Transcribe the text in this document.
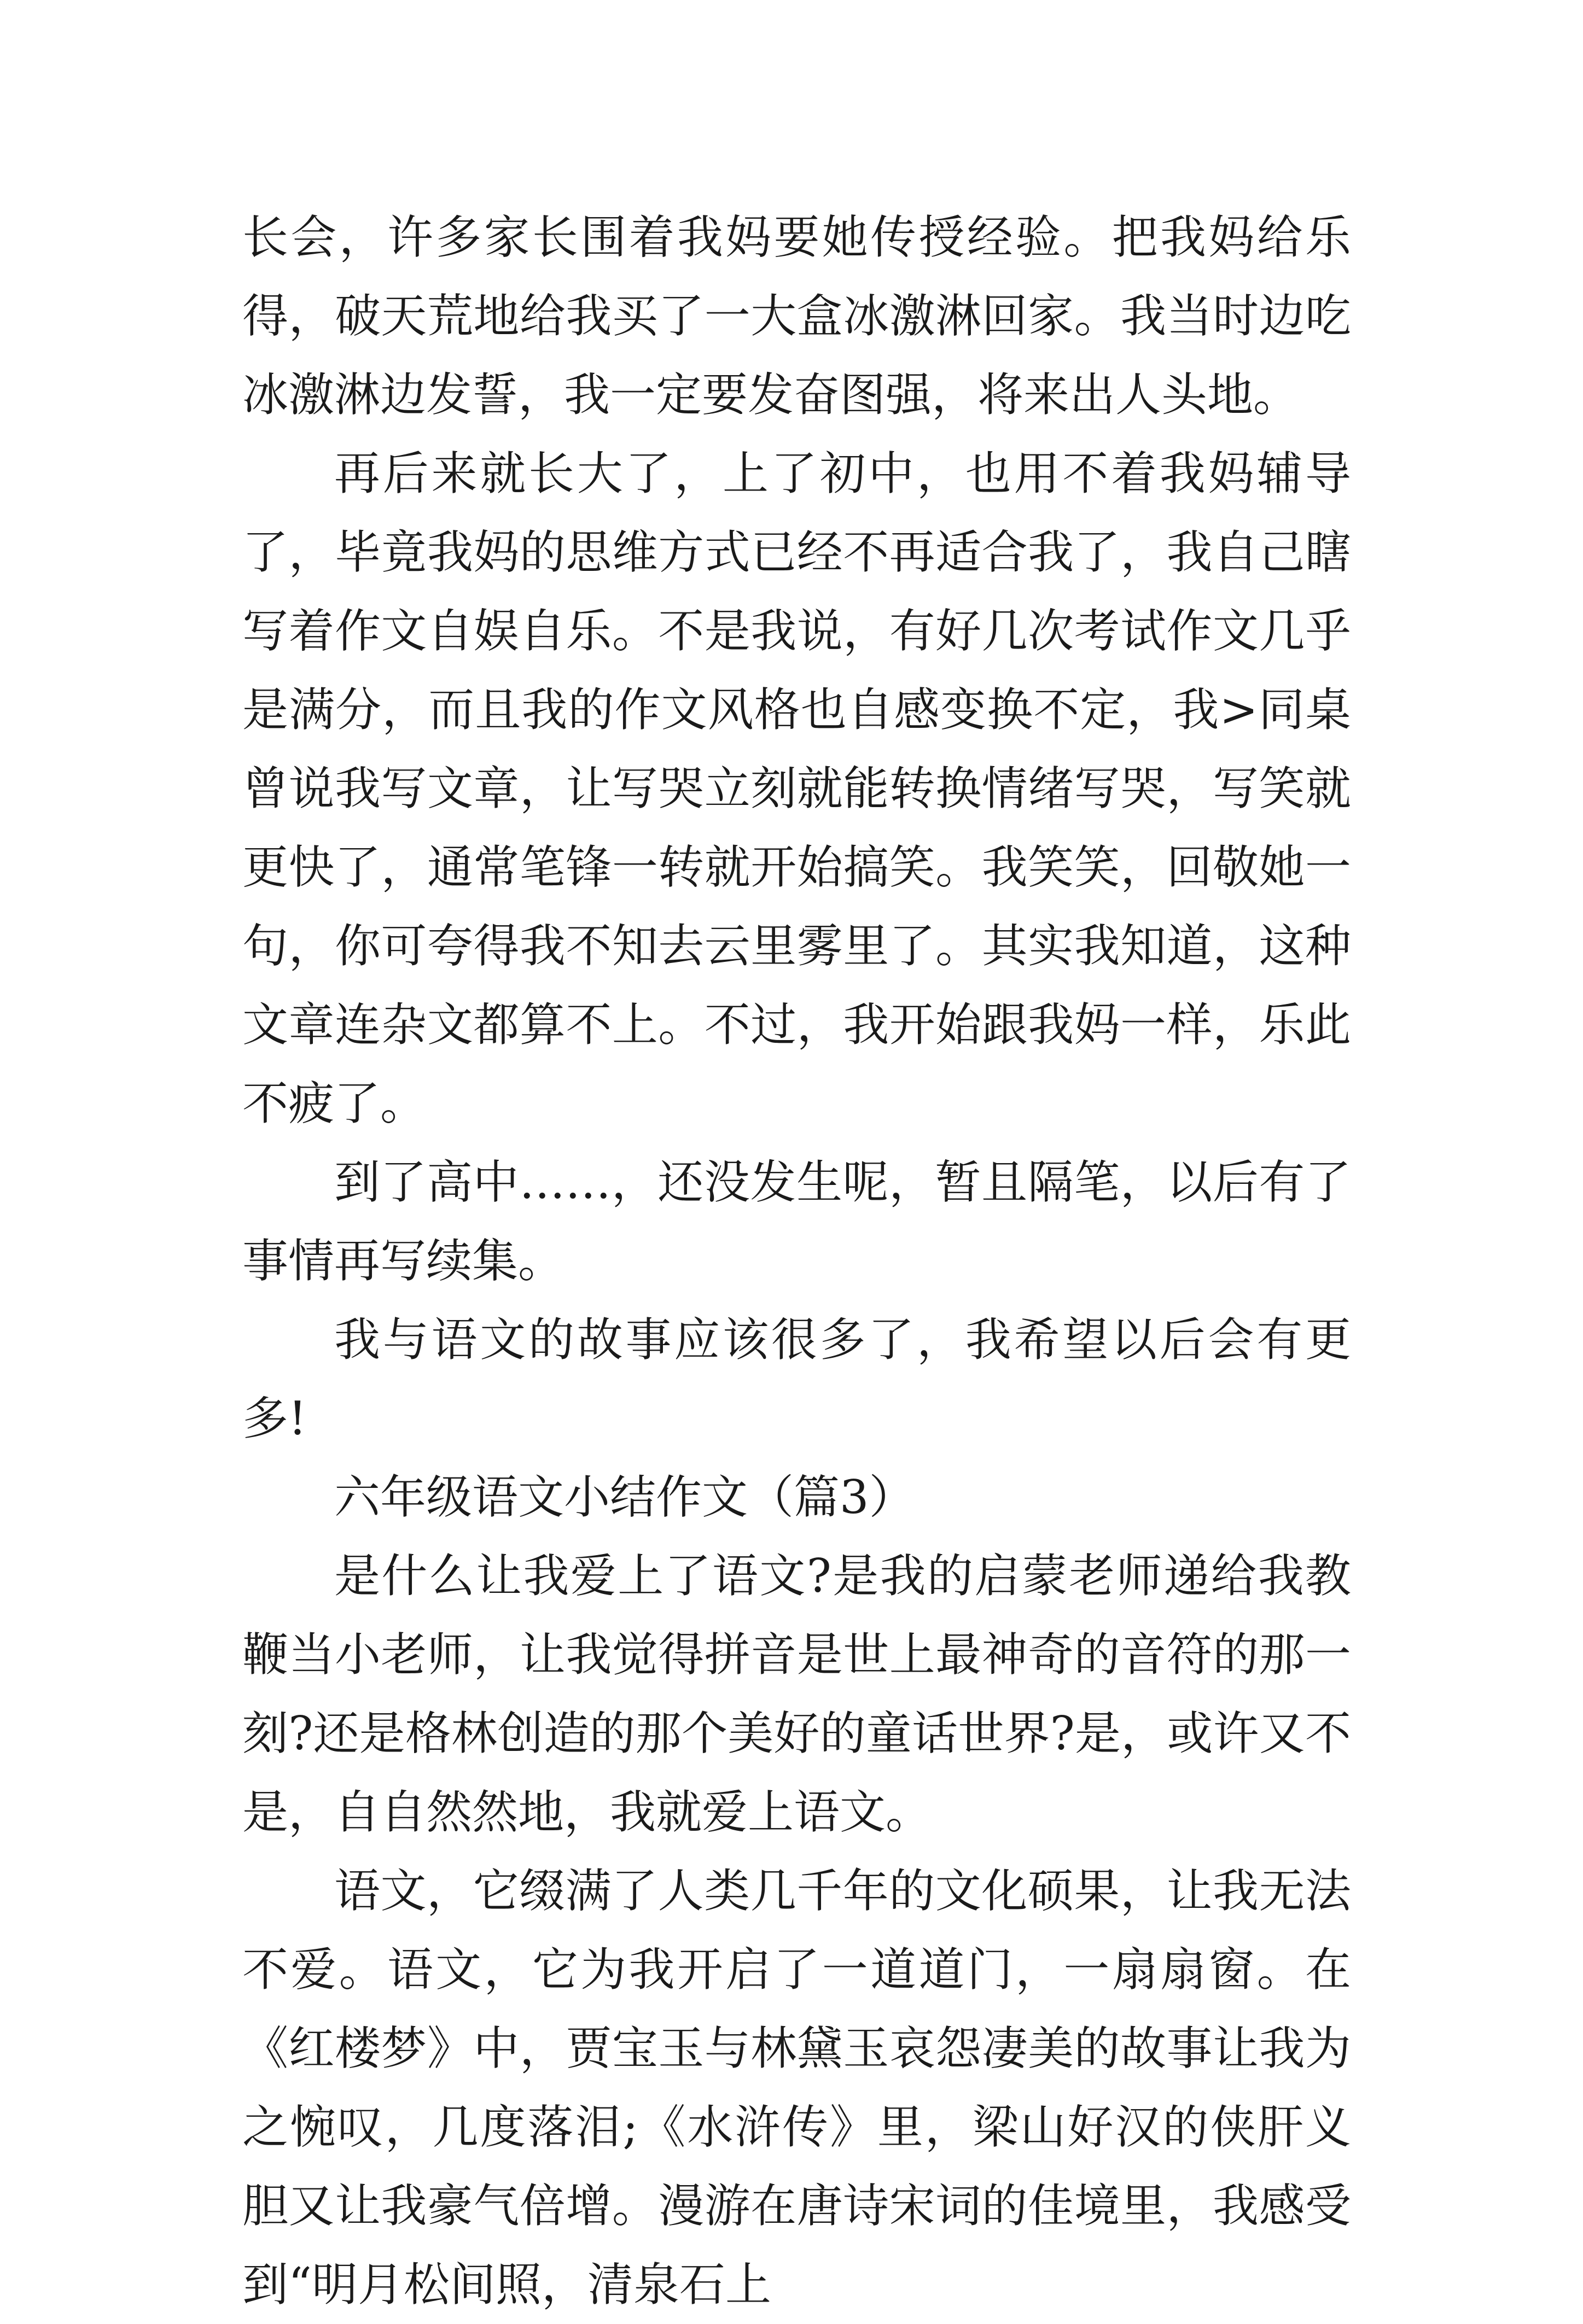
长会，许多家长围着我妈要她传授经验。把我妈给乐得，破天荒地给我买了一大盒冰激淋回家。我当时边吃冰激淋边发誓，我一定要发奋图强，将来出人头地。

再后来就长大了，上了初中，也用不着我妈辅导了，毕竟我妈的思维方式已经不再适合我了，我自己瞎写着作文自娱自乐。不是我说，有好几次考试作文几乎是满分，而且我的作文风格也自感变换不定，我>同桌曾说我写文章，让写哭立刻就能转换情绪写哭，写笑就更快了，通常笔锋一转就开始搞笑。我笑笑，回敬她一句，你可夸得我不知去云里雾里了。其实我知道，这种文章连杂文都算不上。不过，我开始跟我妈一样，乐此不疲了。

到了高中……，还没发生呢，暂且隔笔，以后有了事情再写续集。

我与语文的故事应该很多了，我希望以后会有更多!

六年级语文小结作文（篇3）

是什么让我爱上了语文?是我的启蒙老师递给我教鞭当小老师，让我觉得拼音是世上最神奇的音符的那一刻?还是格林创造的那个美好的童话世界?是，或许又不是，自自然然地，我就爱上语文。

语文，它缀满了人类几千年的文化硕果，让我无法不爱。语文，它为我开启了一道道门，一扇扇窗。在《红楼梦》中，贾宝玉与林黛玉哀怨凄美的故事让我为之惋叹，几度落泪;《水浒传》里，梁山好汉的侠肝义胆又让我豪气倍增。漫游在唐诗宋词的佳境里，我感受到“明月松间照，清泉石上
